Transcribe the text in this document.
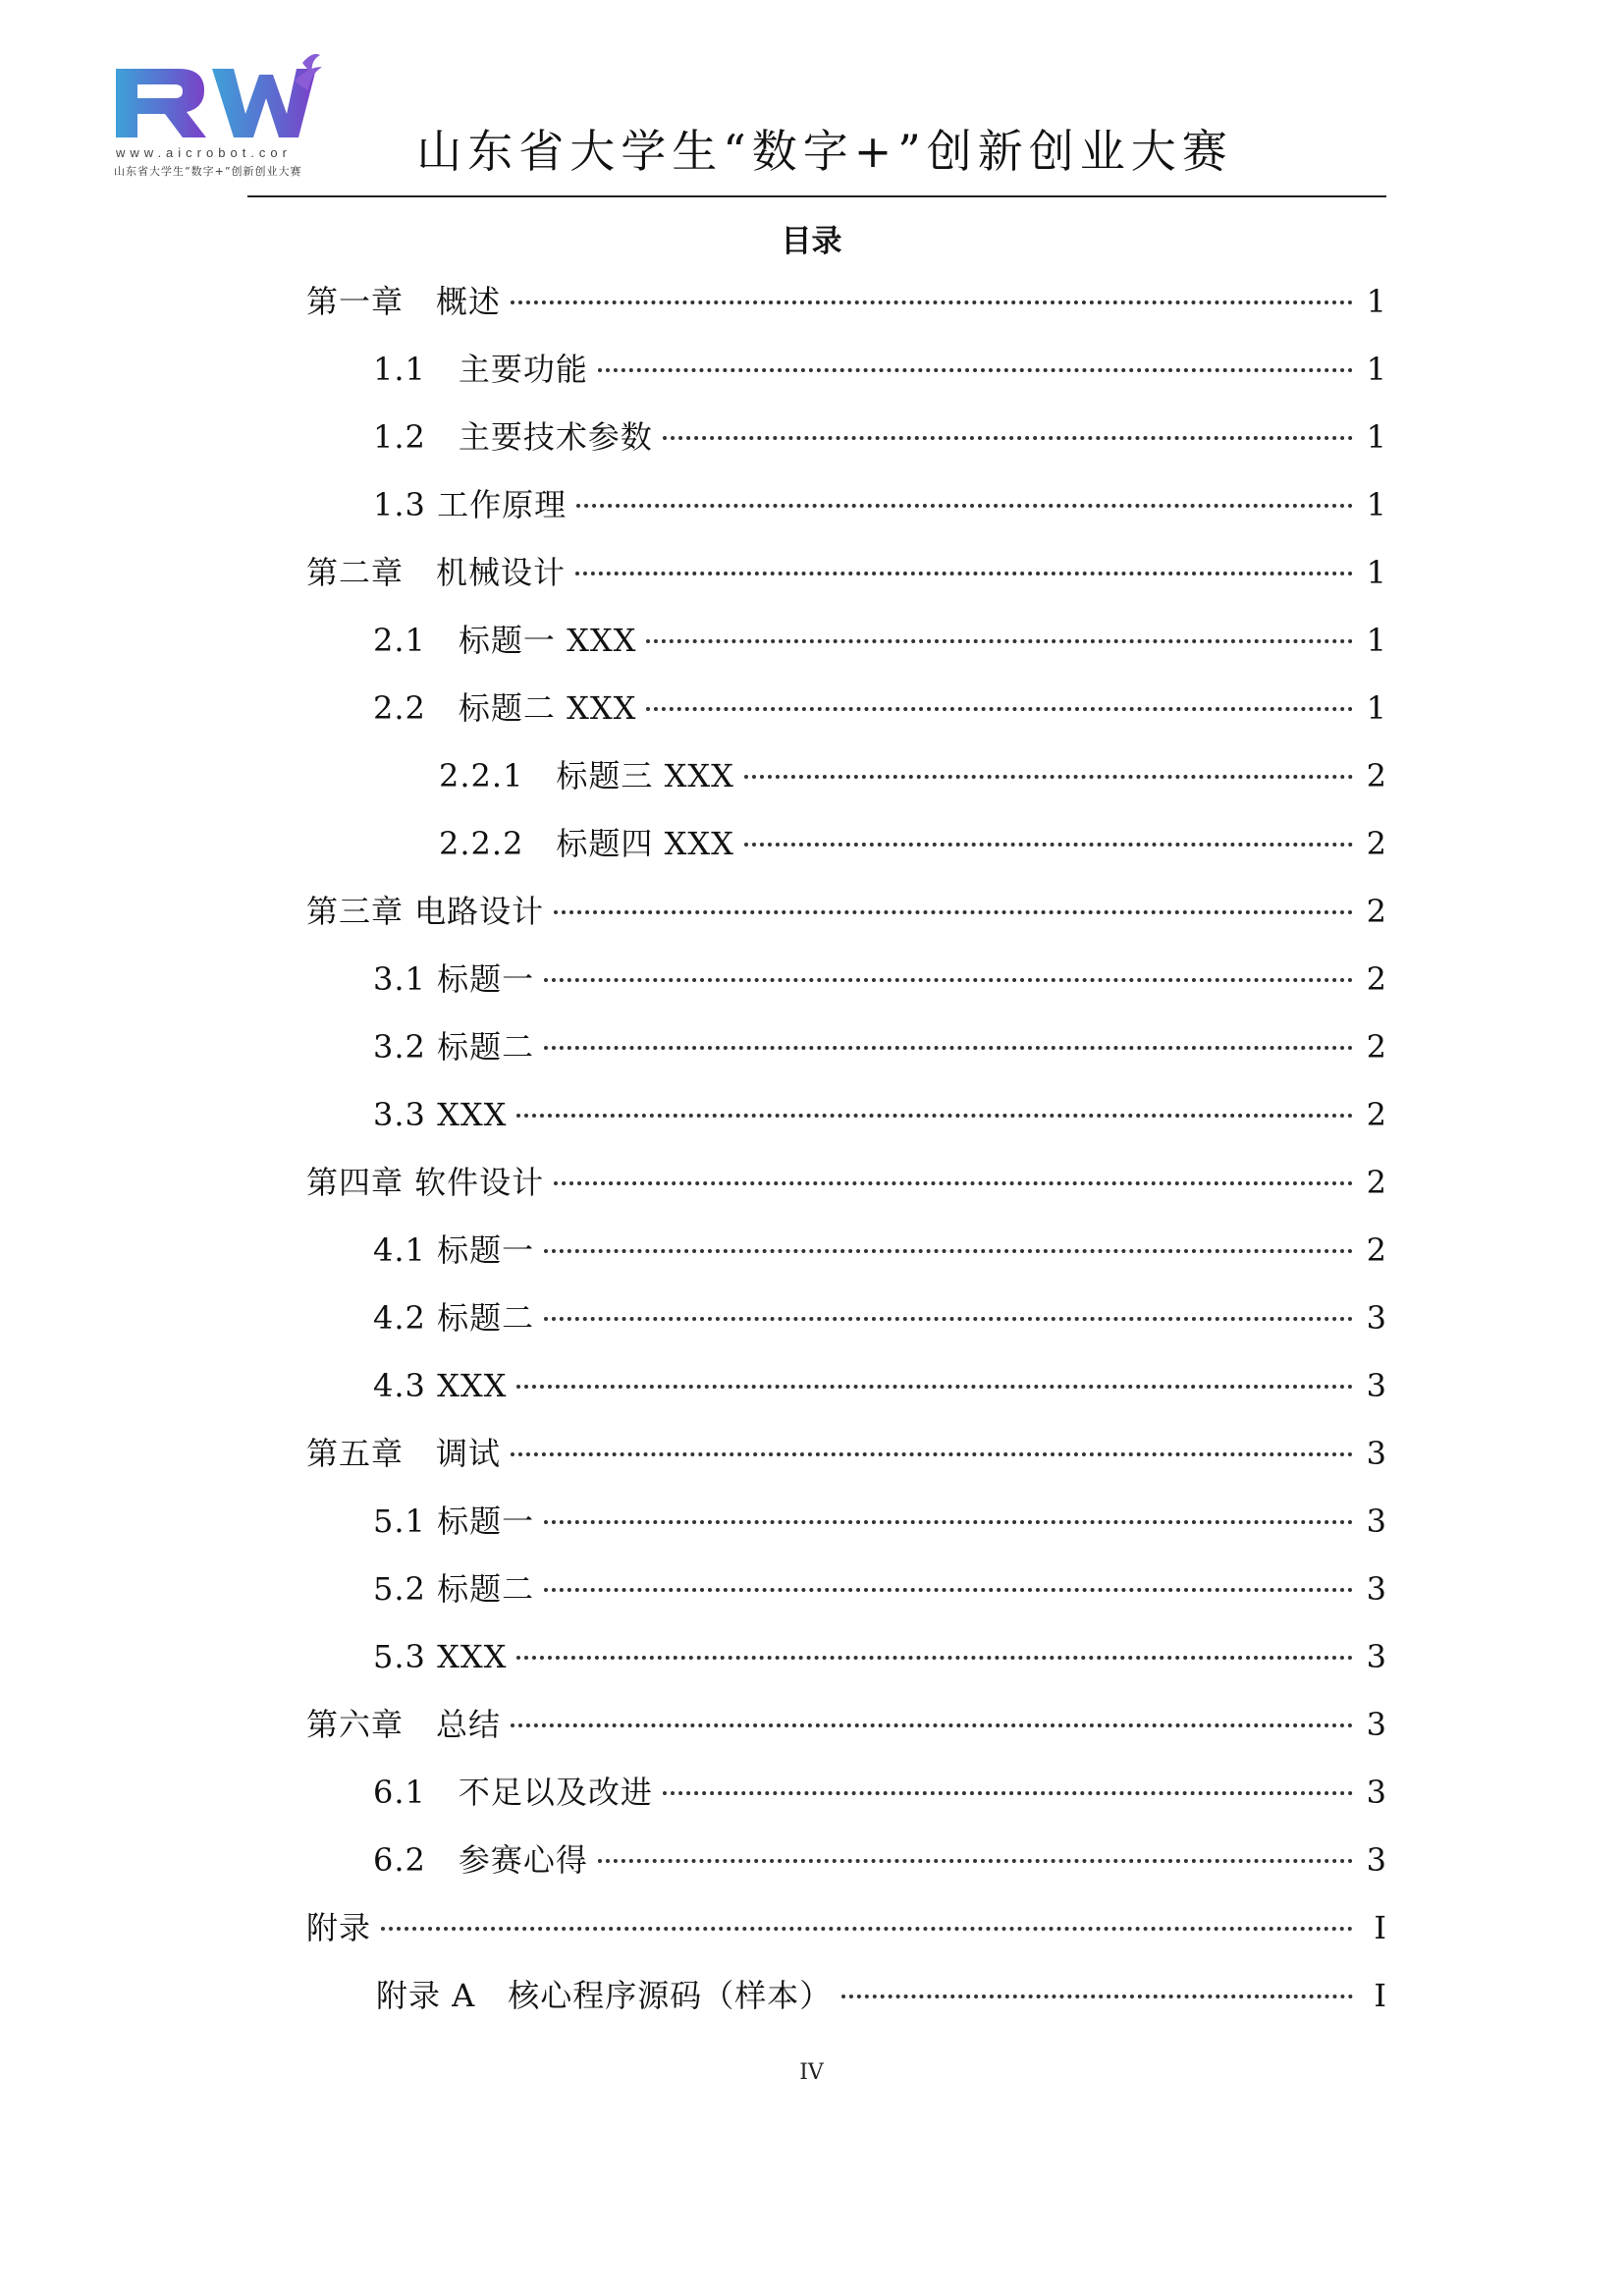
www.aicrobot.cor
山东省大学生“数字+”创新创业大赛	山东省大学生“数字+”创新创业大赛
目录
第一章　概述	1
1.1　主要功能	1
1.2　主要技术参数	1
1.3 工作原理	1
第二章　机械设计	1
2.1　标题一 XXX	1
2.2　标题二 XXX	1
2.2.1　标题三 XXX	2
2.2.2　标题四 XXX	2
第三章 电路设计	2
3.1 标题一	2
3.2 标题二	2
3.3 XXX	2
第四章 软件设计	2
4.1 标题一	2
4.2 标题二	3
4.3 XXX	3
第五章　调试	3
5.1 标题一	3
5.2 标题二	3
5.3 XXX	3
第六章　总结	3
6.1　不足以及改进	3
6.2　参赛心得	3
附录	I
附录 A　核心程序源码（样本）	I
IV
